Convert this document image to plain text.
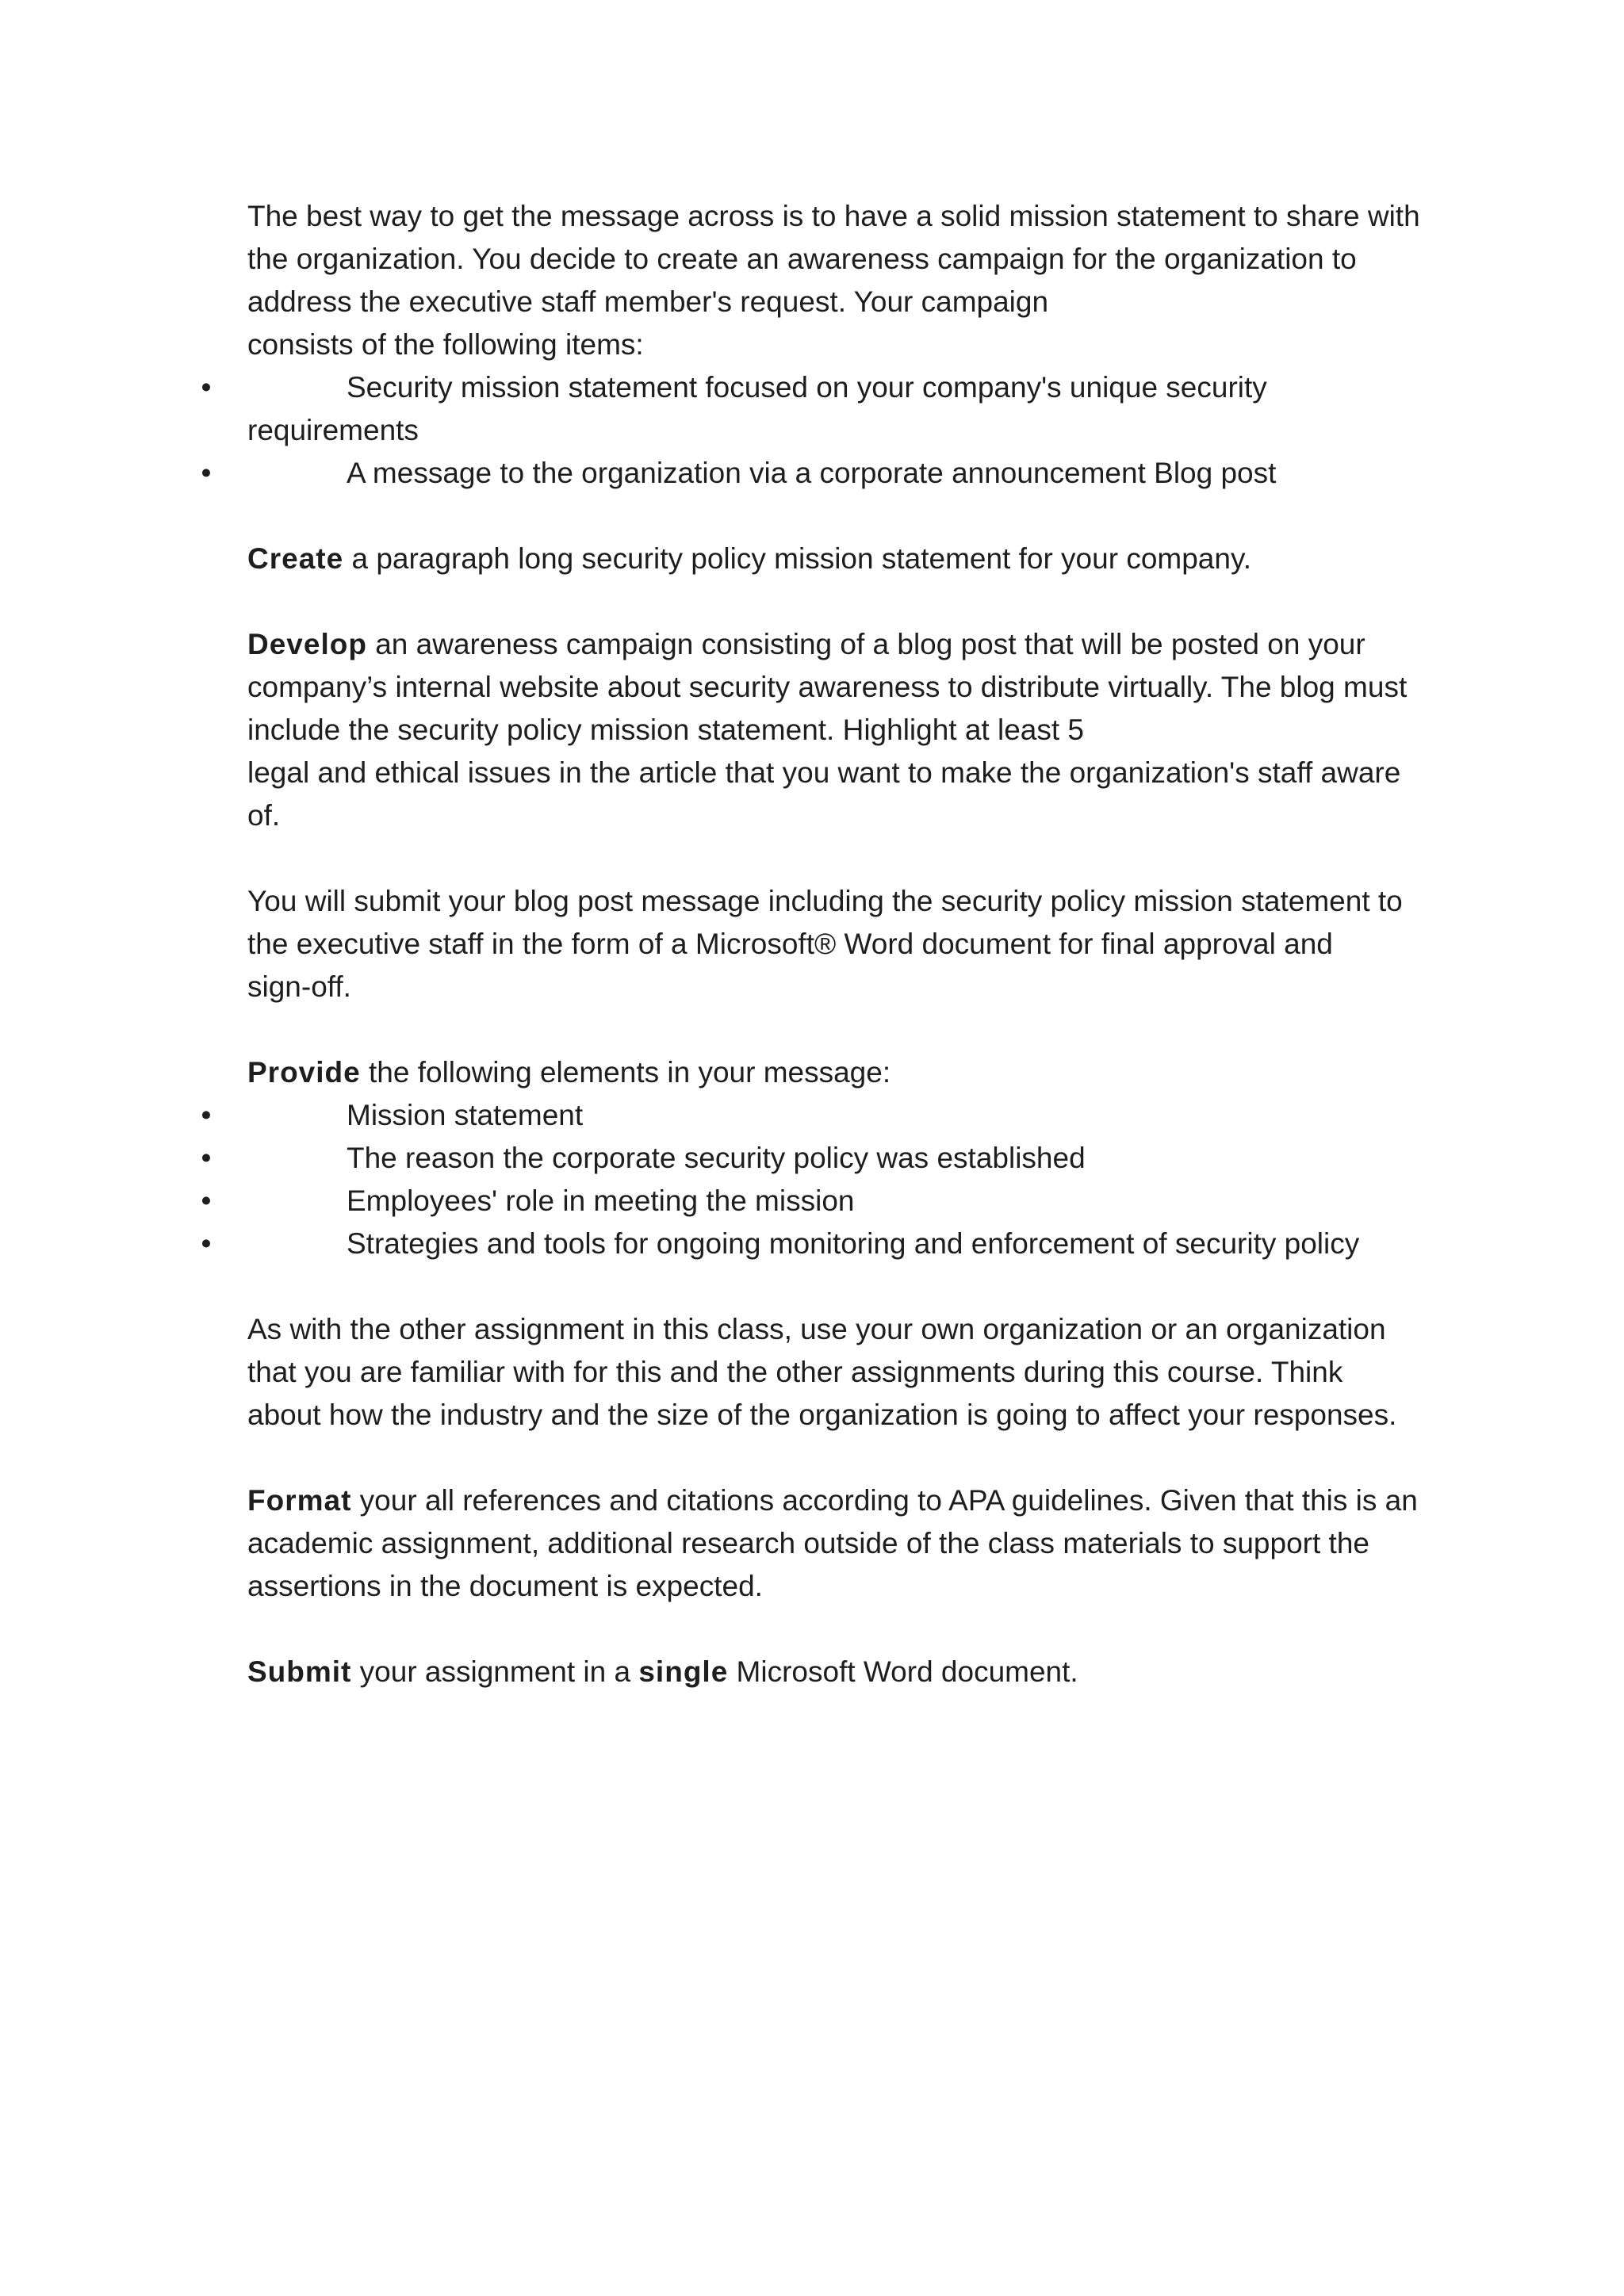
The best way to get the message across is to have a solid mission statement to share with
the organization. You decide to create an awareness campaign for the organization to
address the executive staff member's request. Your campaign
consists of the following items:
•	Security mission statement focused on your company's unique security
requirements
•	A message to the organization via a corporate announcement Blog post
Create a paragraph long security policy mission statement for your company.
Develop an awareness campaign consisting of a blog post that will be posted on your
company’s internal website about security awareness to distribute virtually. The blog must
include the security policy mission statement. Highlight at least 5
legal and ethical issues in the article that you want to make the organization's staff aware
of.
You will submit your blog post message including the security policy mission statement to
the executive staff in the form of a Microsoft® Word document for final approval and
sign-off.
Provide the following elements in your message:
•	Mission statement
•	The reason the corporate security policy was established
•	Employees' role in meeting the mission
•	Strategies and tools for ongoing monitoring and enforcement of security policy
As with the other assignment in this class, use your own organization or an organization
that you are familiar with for this and the other assignments during this course. Think
about how the industry and the size of the organization is going to affect your responses.
Format your all references and citations according to APA guidelines. Given that this is an
academic assignment, additional research outside of the class materials to support the
assertions in the document is expected.
Submit your assignment in a single Microsoft Word document.
